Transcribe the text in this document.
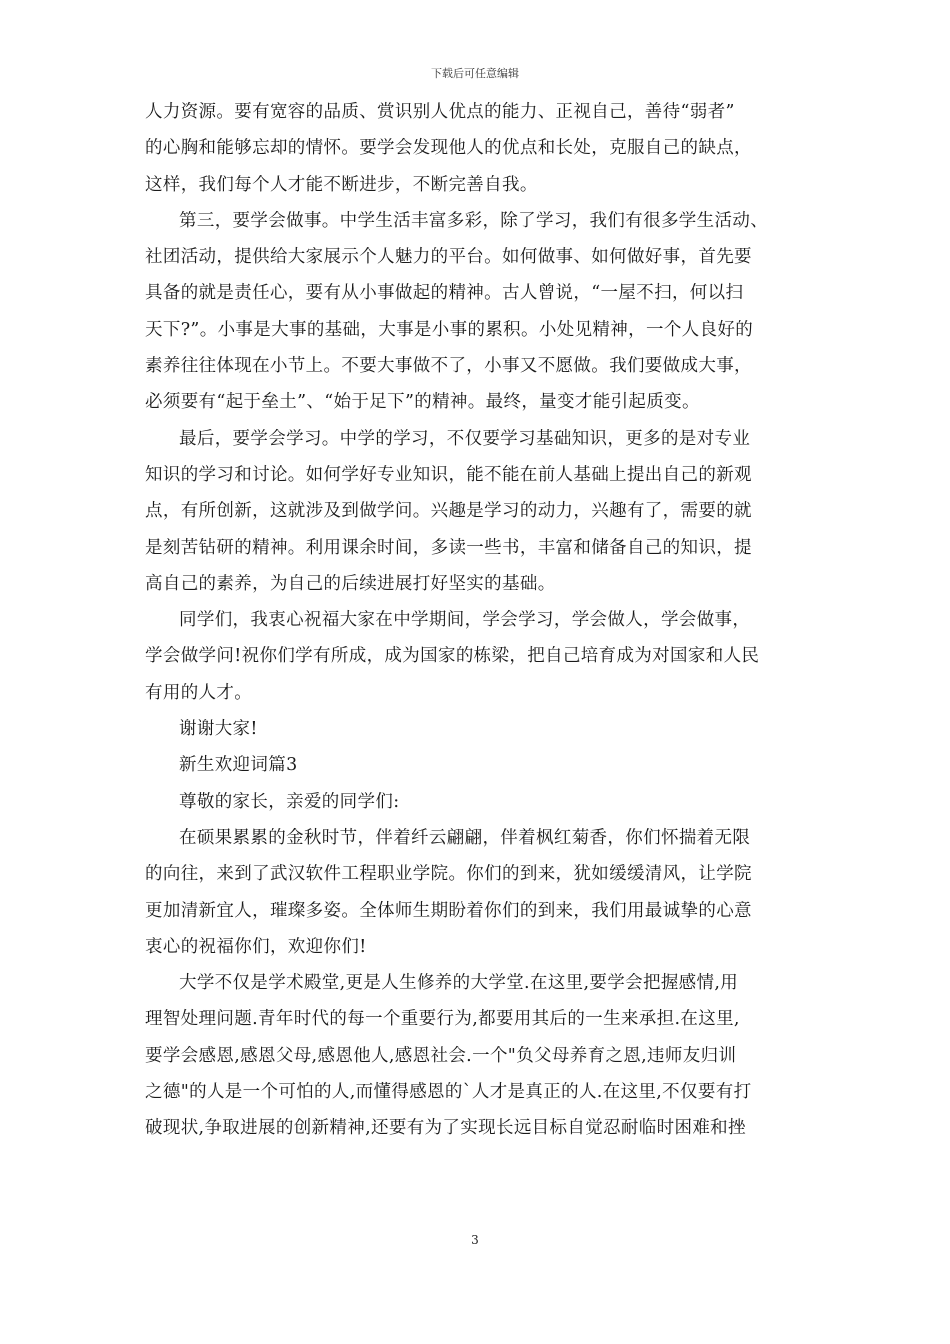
下载后可任意编辑
人力资源。要有宽容的品质、赏识别人优点的能力、正视自己，善待“弱者”
的心胸和能够忘却的情怀。要学会发现他人的优点和长处，克服自己的缺点，
这样，我们每个人才能不断进步，不断完善自我。
第三，要学会做事。中学生活丰富多彩，除了学习，我们有很多学生活动、
社团活动，提供给大家展示个人魅力的平台。如何做事、如何做好事，首先要
具备的就是责任心，要有从小事做起的精神。古人曾说，“一屋不扫，何以扫
天下?”。小事是大事的基础，大事是小事的累积。小处见精神，一个人良好的
素养往往体现在小节上。不要大事做不了，小事又不愿做。我们要做成大事，
必须要有“起于垒土”、“始于足下”的精神。最终，量变才能引起质变。
最后，要学会学习。中学的学习，不仅要学习基础知识，更多的是对专业
知识的学习和讨论。如何学好专业知识，能不能在前人基础上提出自己的新观
点，有所创新，这就涉及到做学问。兴趣是学习的动力，兴趣有了，需要的就
是刻苦钻研的精神。利用课余时间，多读一些书，丰富和储备自己的知识，提
高自己的素养，为自己的后续进展打好坚实的基础。
同学们，我衷心祝福大家在中学期间，学会学习，学会做人，学会做事，
学会做学问!祝你们学有所成，成为国家的栋梁，把自己培育成为对国家和人民
有用的人才。
谢谢大家!
新生欢迎词篇3
尊敬的家长，亲爱的同学们:
在硕果累累的金秋时节，伴着纤云翩翩，伴着枫红菊香，你们怀揣着无限
的向往，来到了武汉软件工程职业学院。你们的到来，犹如缓缓清风，让学院
更加清新宜人，璀璨多姿。全体师生期盼着你们的到来，我们用最诚挚的心意
衷心的祝福你们，欢迎你们!
大学不仅是学术殿堂,更是人生修养的大学堂.在这里,要学会把握感情,用
理智处理问题.青年时代的每一个重要行为,都要用其后的一生来承担.在这里,
要学会感恩,感恩父母,感恩他人,感恩社会.一个"负父母养育之恩,违师友归训
之德"的人是一个可怕的人,而懂得感恩的`人才是真正的人.在这里,不仅要有打
破现状,争取进展的创新精神,还要有为了实现长远目标自觉忍耐临时困难和挫
3
